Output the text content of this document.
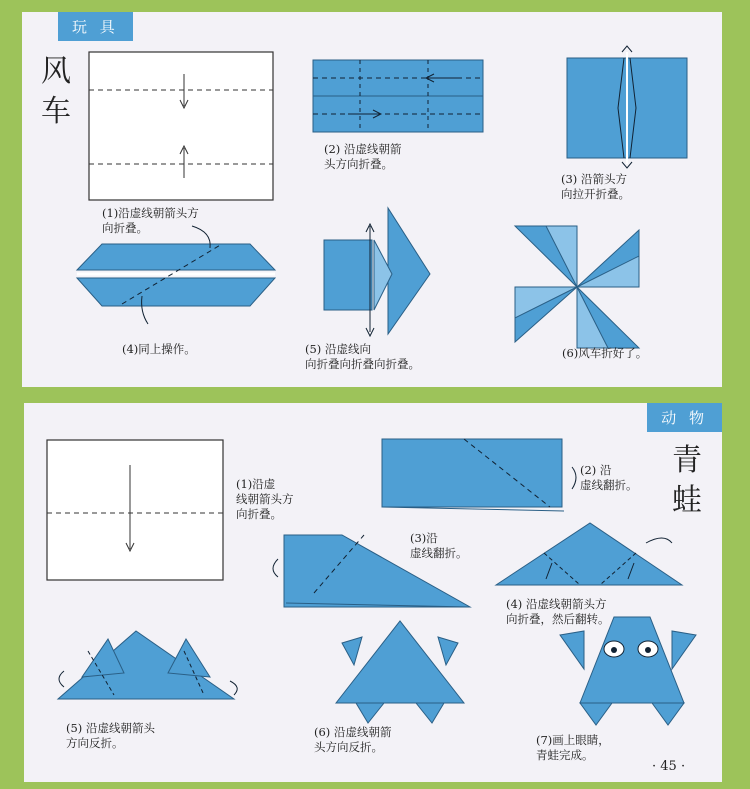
玩 具
风
车
(1)沿虚线朝箭头方
向折叠。
(2) 沿虚线朝箭
头方向折叠。
(3) 沿箭头方
向拉开折叠。
(4)同上操作。	(5) 沿虚线向
向折叠向折叠向折叠。
(6)风车折好了。
动 物
青
蛙
(1)沿虚
线朝箭头方
向折叠。
(2) 沿
虚线翻折。
(3)沿
虚线翻折。
(4) 沿虚线朝箭头方
向折叠，然后翻转。
(5) 沿虚线朝箭头
方向反折。
(6) 沿虚线朝箭
头方向反折。	(7)画上眼睛，
青蛙完成。
· 45 ·
